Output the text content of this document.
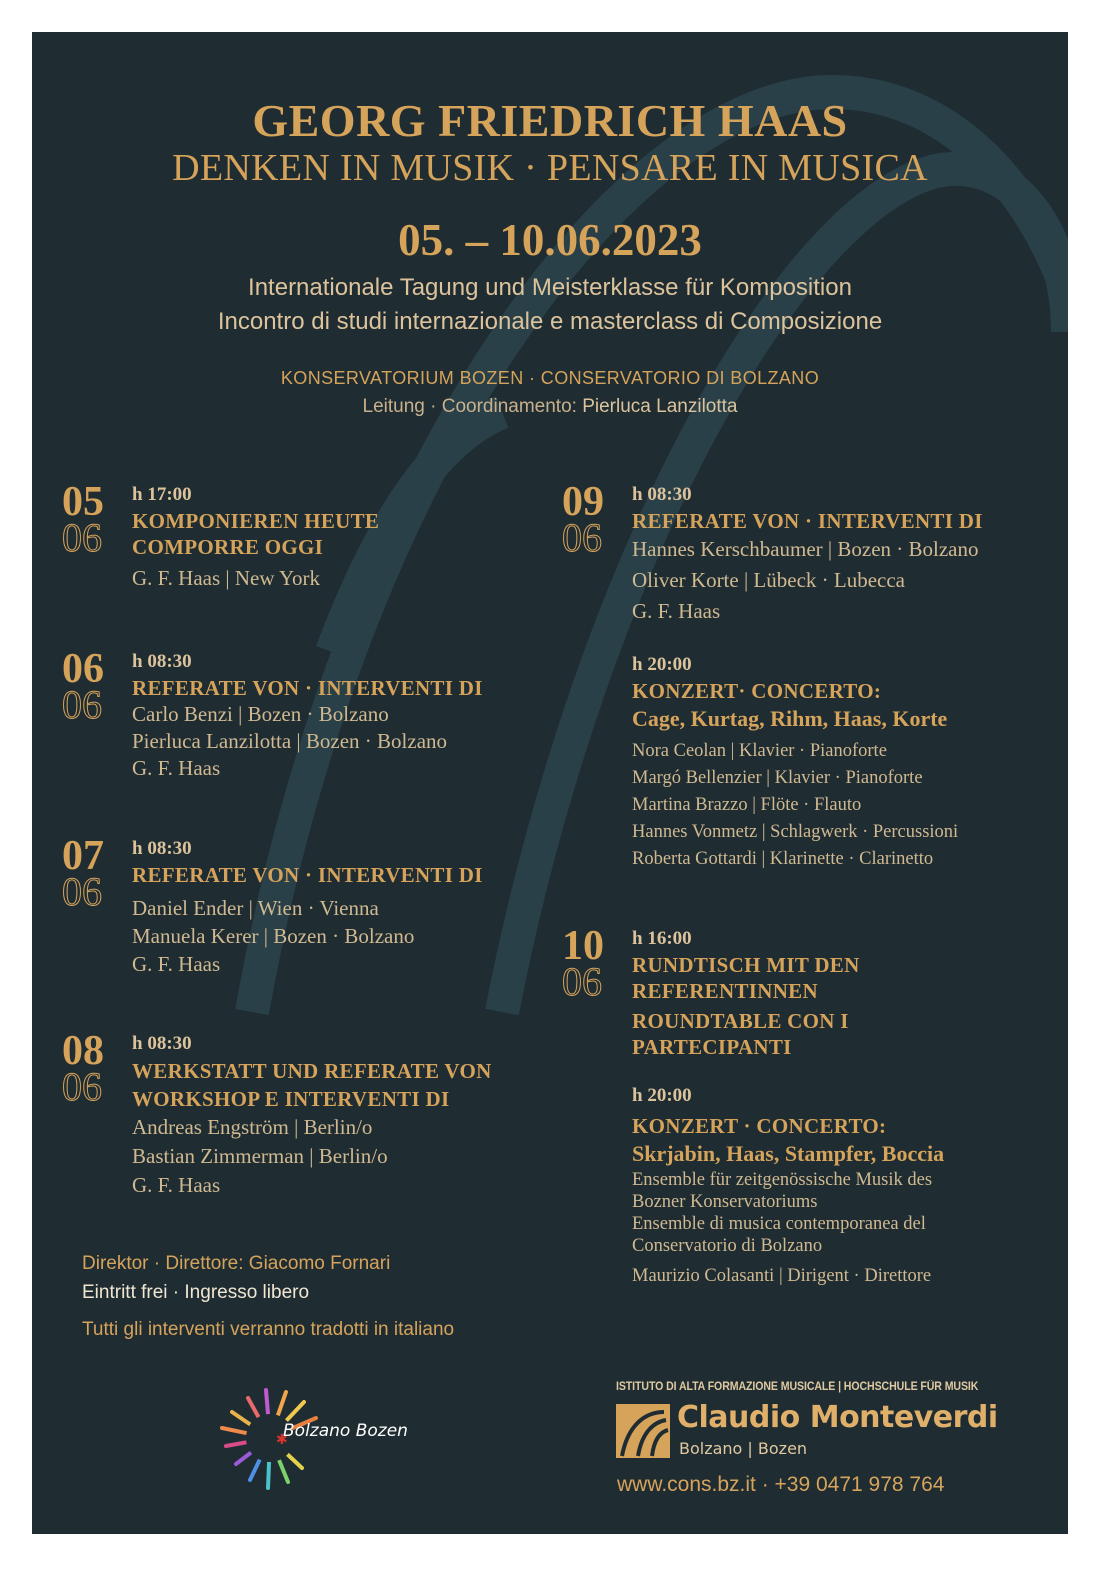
GEORG FRIEDRICH HAAS
DENKEN IN MUSIK · PENSARE IN MUSICA
05. – 10.06.2023
Internationale Tagung und Meisterklasse für Komposition
Incontro di studi internazionale e masterclass di Composizione
KONSERVATORIUM BOZEN · CONSERVATORIO DI BOLZANO
Leitung · Coordinamento: Pierluca Lanzilotta
05
06
h 17:00
KOMPONIEREN HEUTE
COMPORRE OGGI
G. F. Haas | New York
06
06
h 08:30
REFERATE VON · INTERVENTI DI
Carlo Benzi | Bozen · Bolzano
Pierluca Lanzilotta | Bozen · Bolzano
G. F. Haas
07
06
h 08:30
REFERATE VON · INTERVENTI DI
Daniel Ender | Wien · Vienna
Manuela Kerer | Bozen · Bolzano
G. F. Haas
08
06
h 08:30
WERKSTATT UND REFERATE VON
WORKSHOP E INTERVENTI DI
Andreas Engström | Berlin/o
Bastian Zimmerman | Berlin/o
G. F. Haas
09
06
h 08:30
REFERATE VON · INTERVENTI DI
Hannes Kerschbaumer | Bozen · Bolzano
Oliver Korte | Lübeck · Lubecca
G. F. Haas
h 20:00
KONZERT· CONCERTO:
Cage, Kurtag, Rihm, Haas, Korte
Nora Ceolan | Klavier · Pianoforte
Margó Bellenzier | Klavier · Pianoforte
Martina Brazzo | Flöte · Flauto
Hannes Vonmetz | Schlagwerk · Percussioni
Roberta Gottardi | Klarinette · Clarinetto
10
06
h 16:00
RUNDTISCH MIT DEN
REFERENTINNEN
ROUNDTABLE CON I
PARTECIPANTI
h 20:00
KONZERT · CONCERTO:
Skrjabin, Haas, Stampfer, Boccia
Ensemble für zeitgenössische Musik des
Bozner Konservatoriums
Ensemble di musica contemporanea del
Conservatorio di Bolzano
Maurizio Colasanti | Dirigent · Direttore
Direktor · Direttore: Giacomo Fornari
Eintritt frei · Ingresso libero
Tutti gli interventi verranno tradotti in italiano
✱
Bolzano Bozen
ISTITUTO DI ALTA FORMAZIONE MUSICALE | HOCHSCHULE FÜR MUSIK
Claudio Monteverdi
Bolzano | Bozen
www.cons.bz.it · +39 0471 978 764
